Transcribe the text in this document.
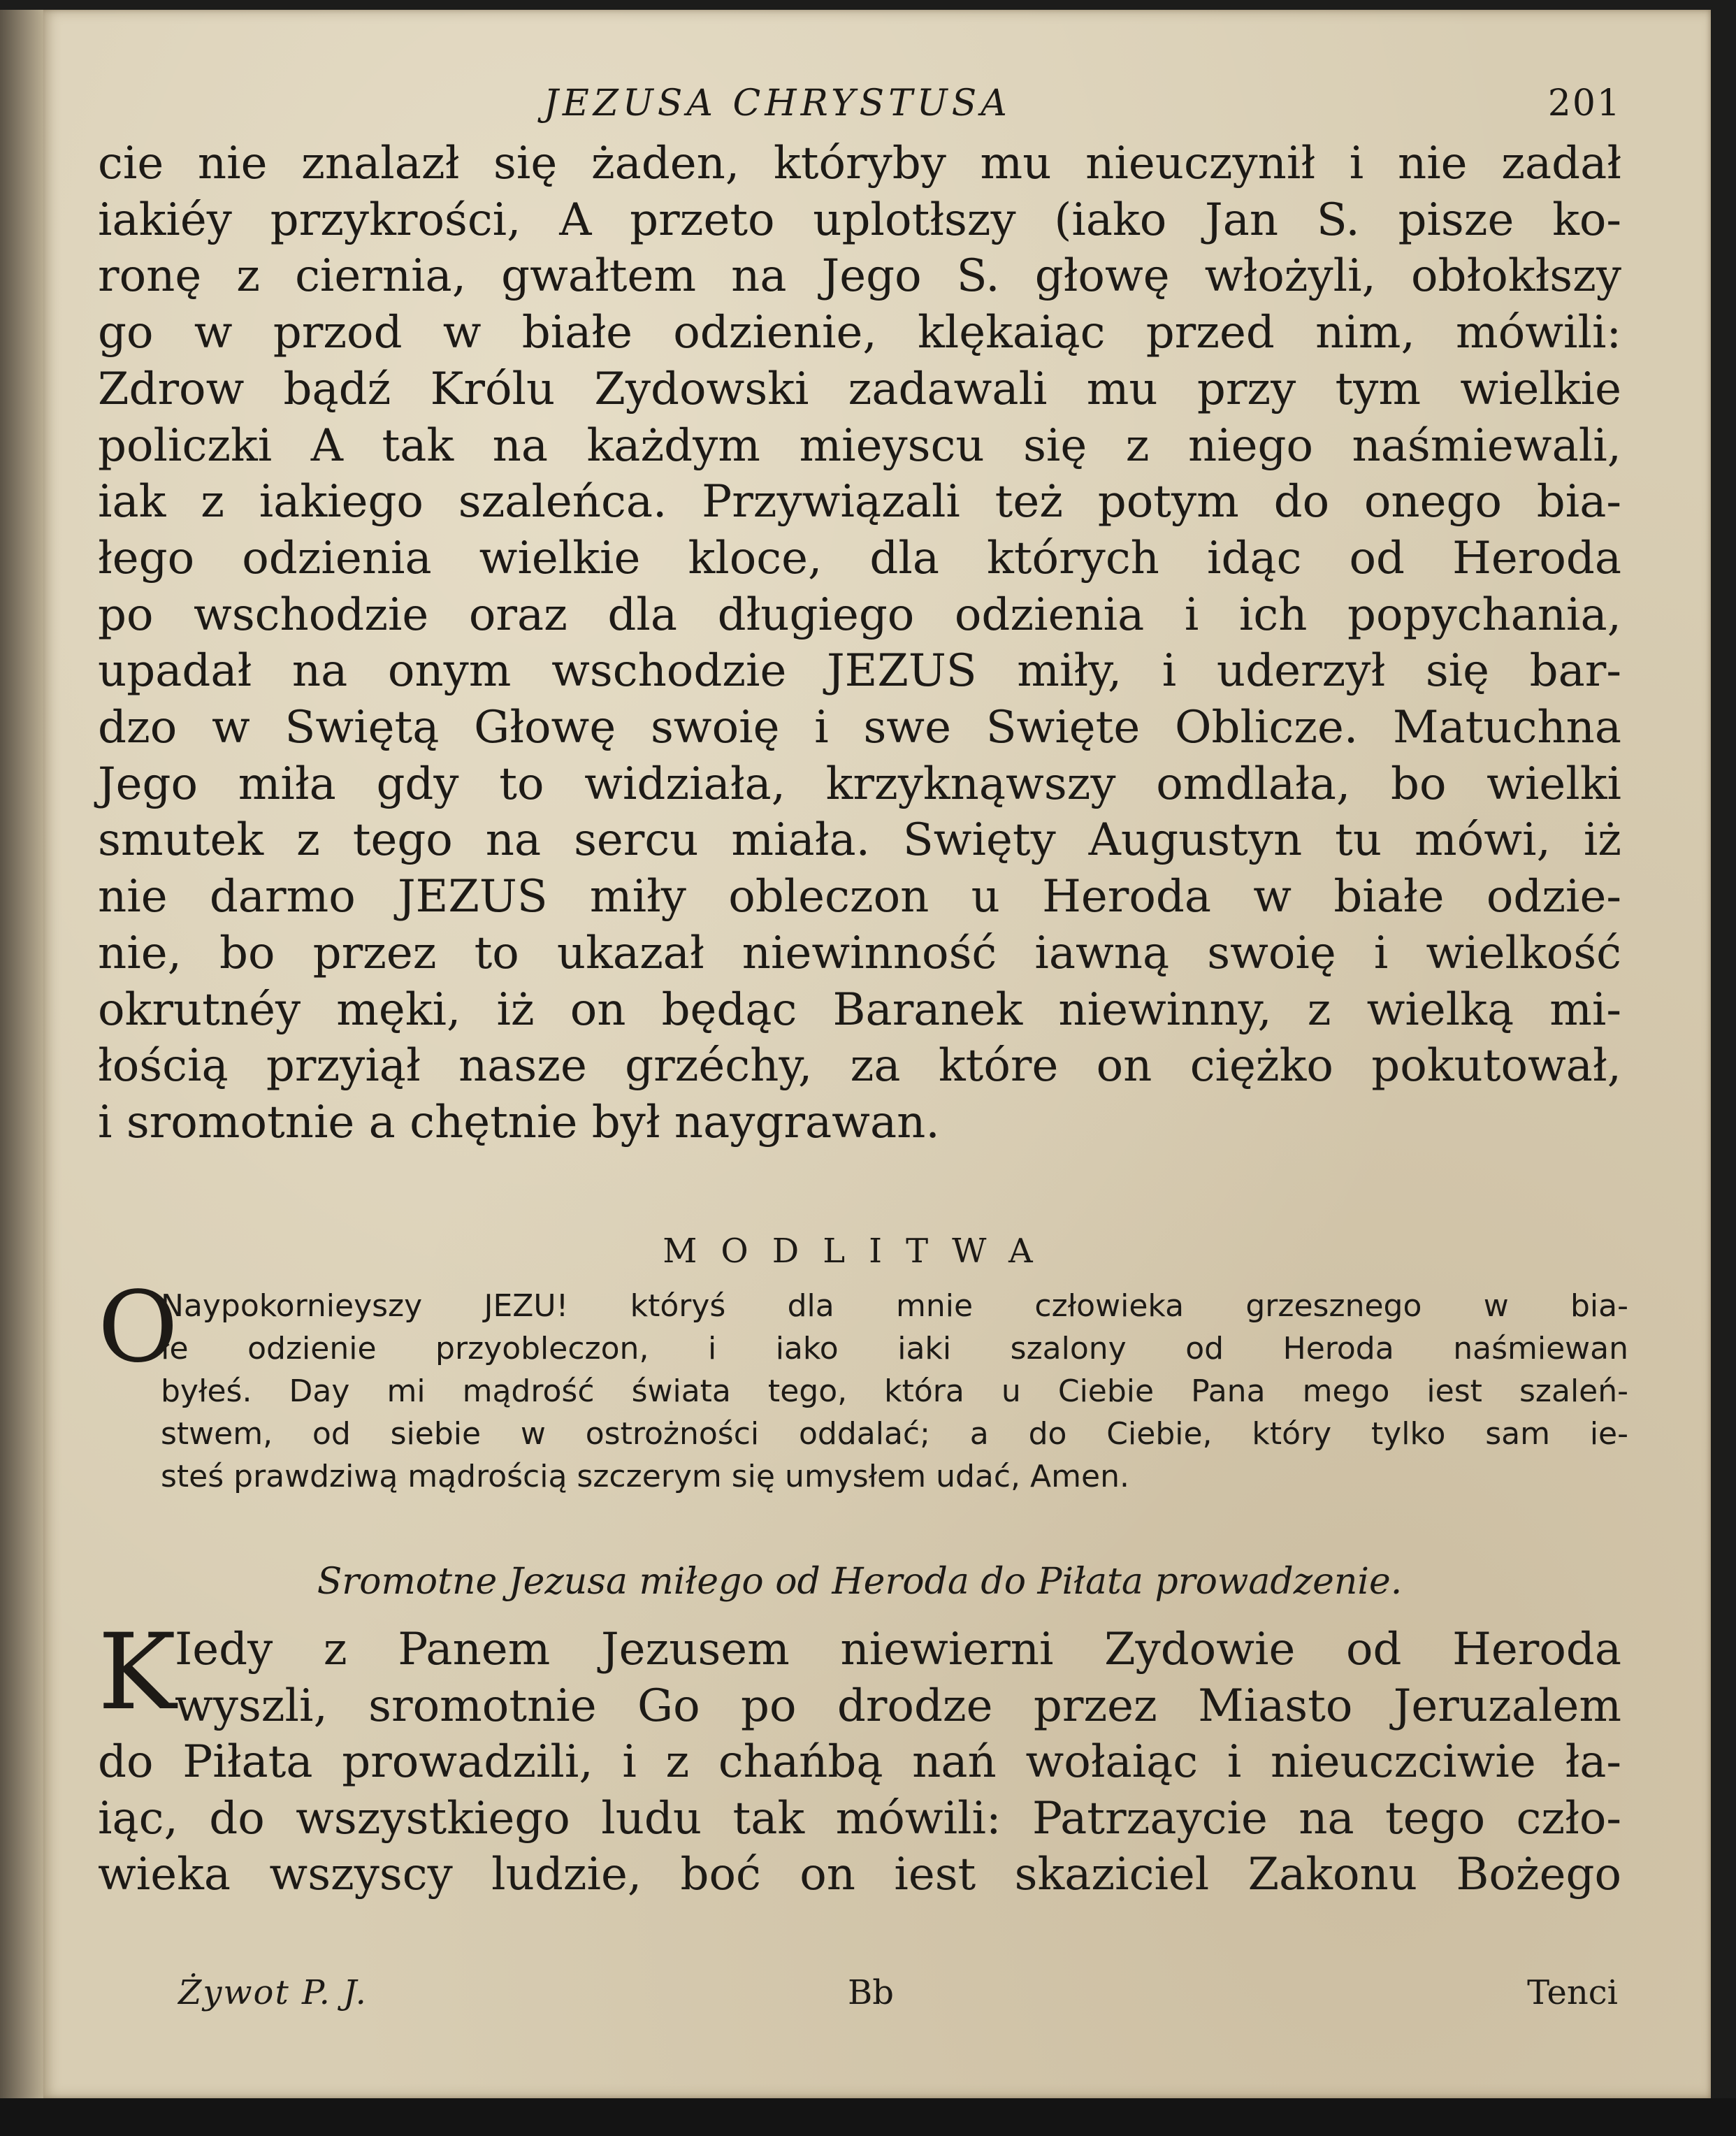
JEZUSA CHRYSTUSA	201
cie nie znalazł się żaden, któryby mu nieuczynił i nie zadał
iakiéy przykrości, A przeto uplotłszy (iako Jan S. pisze ko-
ronę z ciernia, gwałtem na Jego S. głowę włożyli, obłokłszy
go w przod w białe odzienie, klękaiąc przed nim, mówili:
Zdrow bądź Królu Zydowski zadawali mu przy tym wielkie
policzki A tak na każdym mieyscu się z niego naśmiewali,
iak z iakiego szaleńca. Przywiązali też potym do onego bia-
łego odzienia wielkie kloce, dla których idąc od Heroda
po wschodzie oraz dla długiego odzienia i ich popychania,
upadał na onym wschodzie JEZUS miły, i uderzył się bar-
dzo w Swiętą Głowę swoię i swe Swięte Oblicze. Matuchna
Jego miła gdy to widziała, krzyknąwszy omdlała, bo wielki
smutek z tego na sercu miała. Swięty Augustyn tu mówi, iż
nie darmo JEZUS miły obleczon u Heroda w białe odzie-
nie, bo przez to ukazał niewinność iawną swoię i wielkość
okrutnéy męki, iż on będąc Baranek niewinny, z wielką mi-
łością przyiął nasze grzéchy, za które on ciężko pokutował,
i sromotnie a chętnie był naygrawan.
MODLITWA
O
Naypokornieyszy JEZU! któryś dla mnie człowieka grzesznego w bia-
łe odzienie przyobleczon, i iako iaki szalony od Heroda naśmiewan
byłeś. Day mi mądrość świata tego, która u Ciebie Pana mego iest szaleń-
stwem, od siebie w ostrożności oddalać; a do Ciebie, który tylko sam ie-
steś prawdziwą mądrością szczerym się umysłem udać, Amen.
Sromotne Jezusa miłego od Heroda do Piłata prowadzenie.
K
Iedy z Panem Jezusem niewierni Zydowie od Heroda
wyszli, sromotnie Go po drodze przez Miasto Jeruzalem
do Piłata prowadzili, i z chańbą nań wołaiąc i nieuczciwie ła-
iąc, do wszystkiego ludu tak mówili: Patrzaycie na tego czło-
wieka wszyscy ludzie, boć on iest skaziciel Zakonu Bożego
Żywot P. J.	Bb	Tenci
